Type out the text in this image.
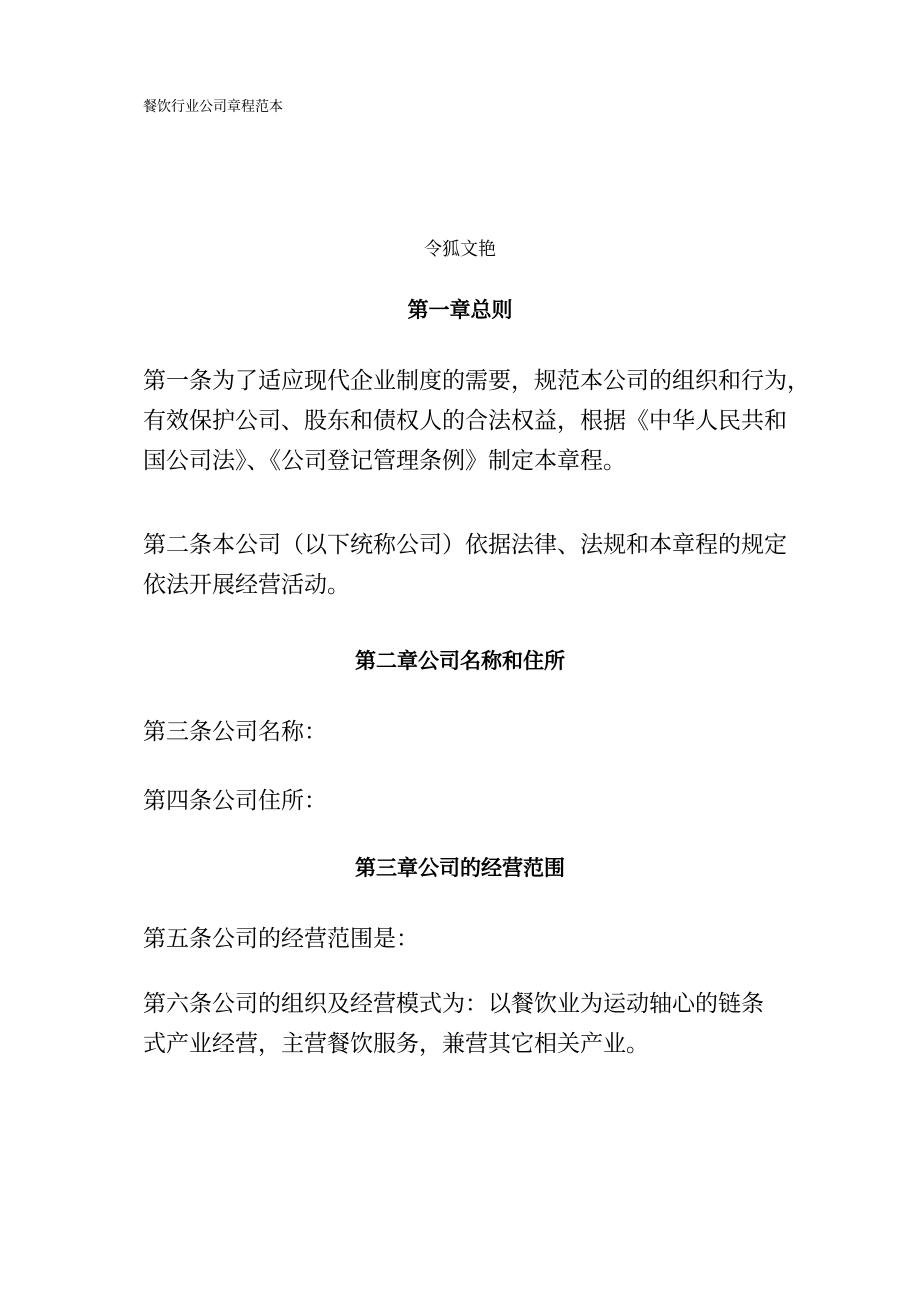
餐饮行业公司章程范本
令狐文艳
第一章总则
第一条为了适应现代企业制度的需要，规范本公司的组织和行为，
有效保护公司、股东和债权人的合法权益，根据《中华人民共和
国公司法》、《公司登记管理条例》制定本章程。
第二条本公司（以下统称公司）依据法律、法规和本章程的规定
依法开展经营活动。
第二章公司名称和住所
第三条公司名称：
第四条公司住所：
第三章公司的经营范围
第五条公司的经营范围是：
第六条公司的组织及经营模式为：以餐饮业为运动轴心的链条
式产业经营，主营餐饮服务，兼营其它相关产业。
